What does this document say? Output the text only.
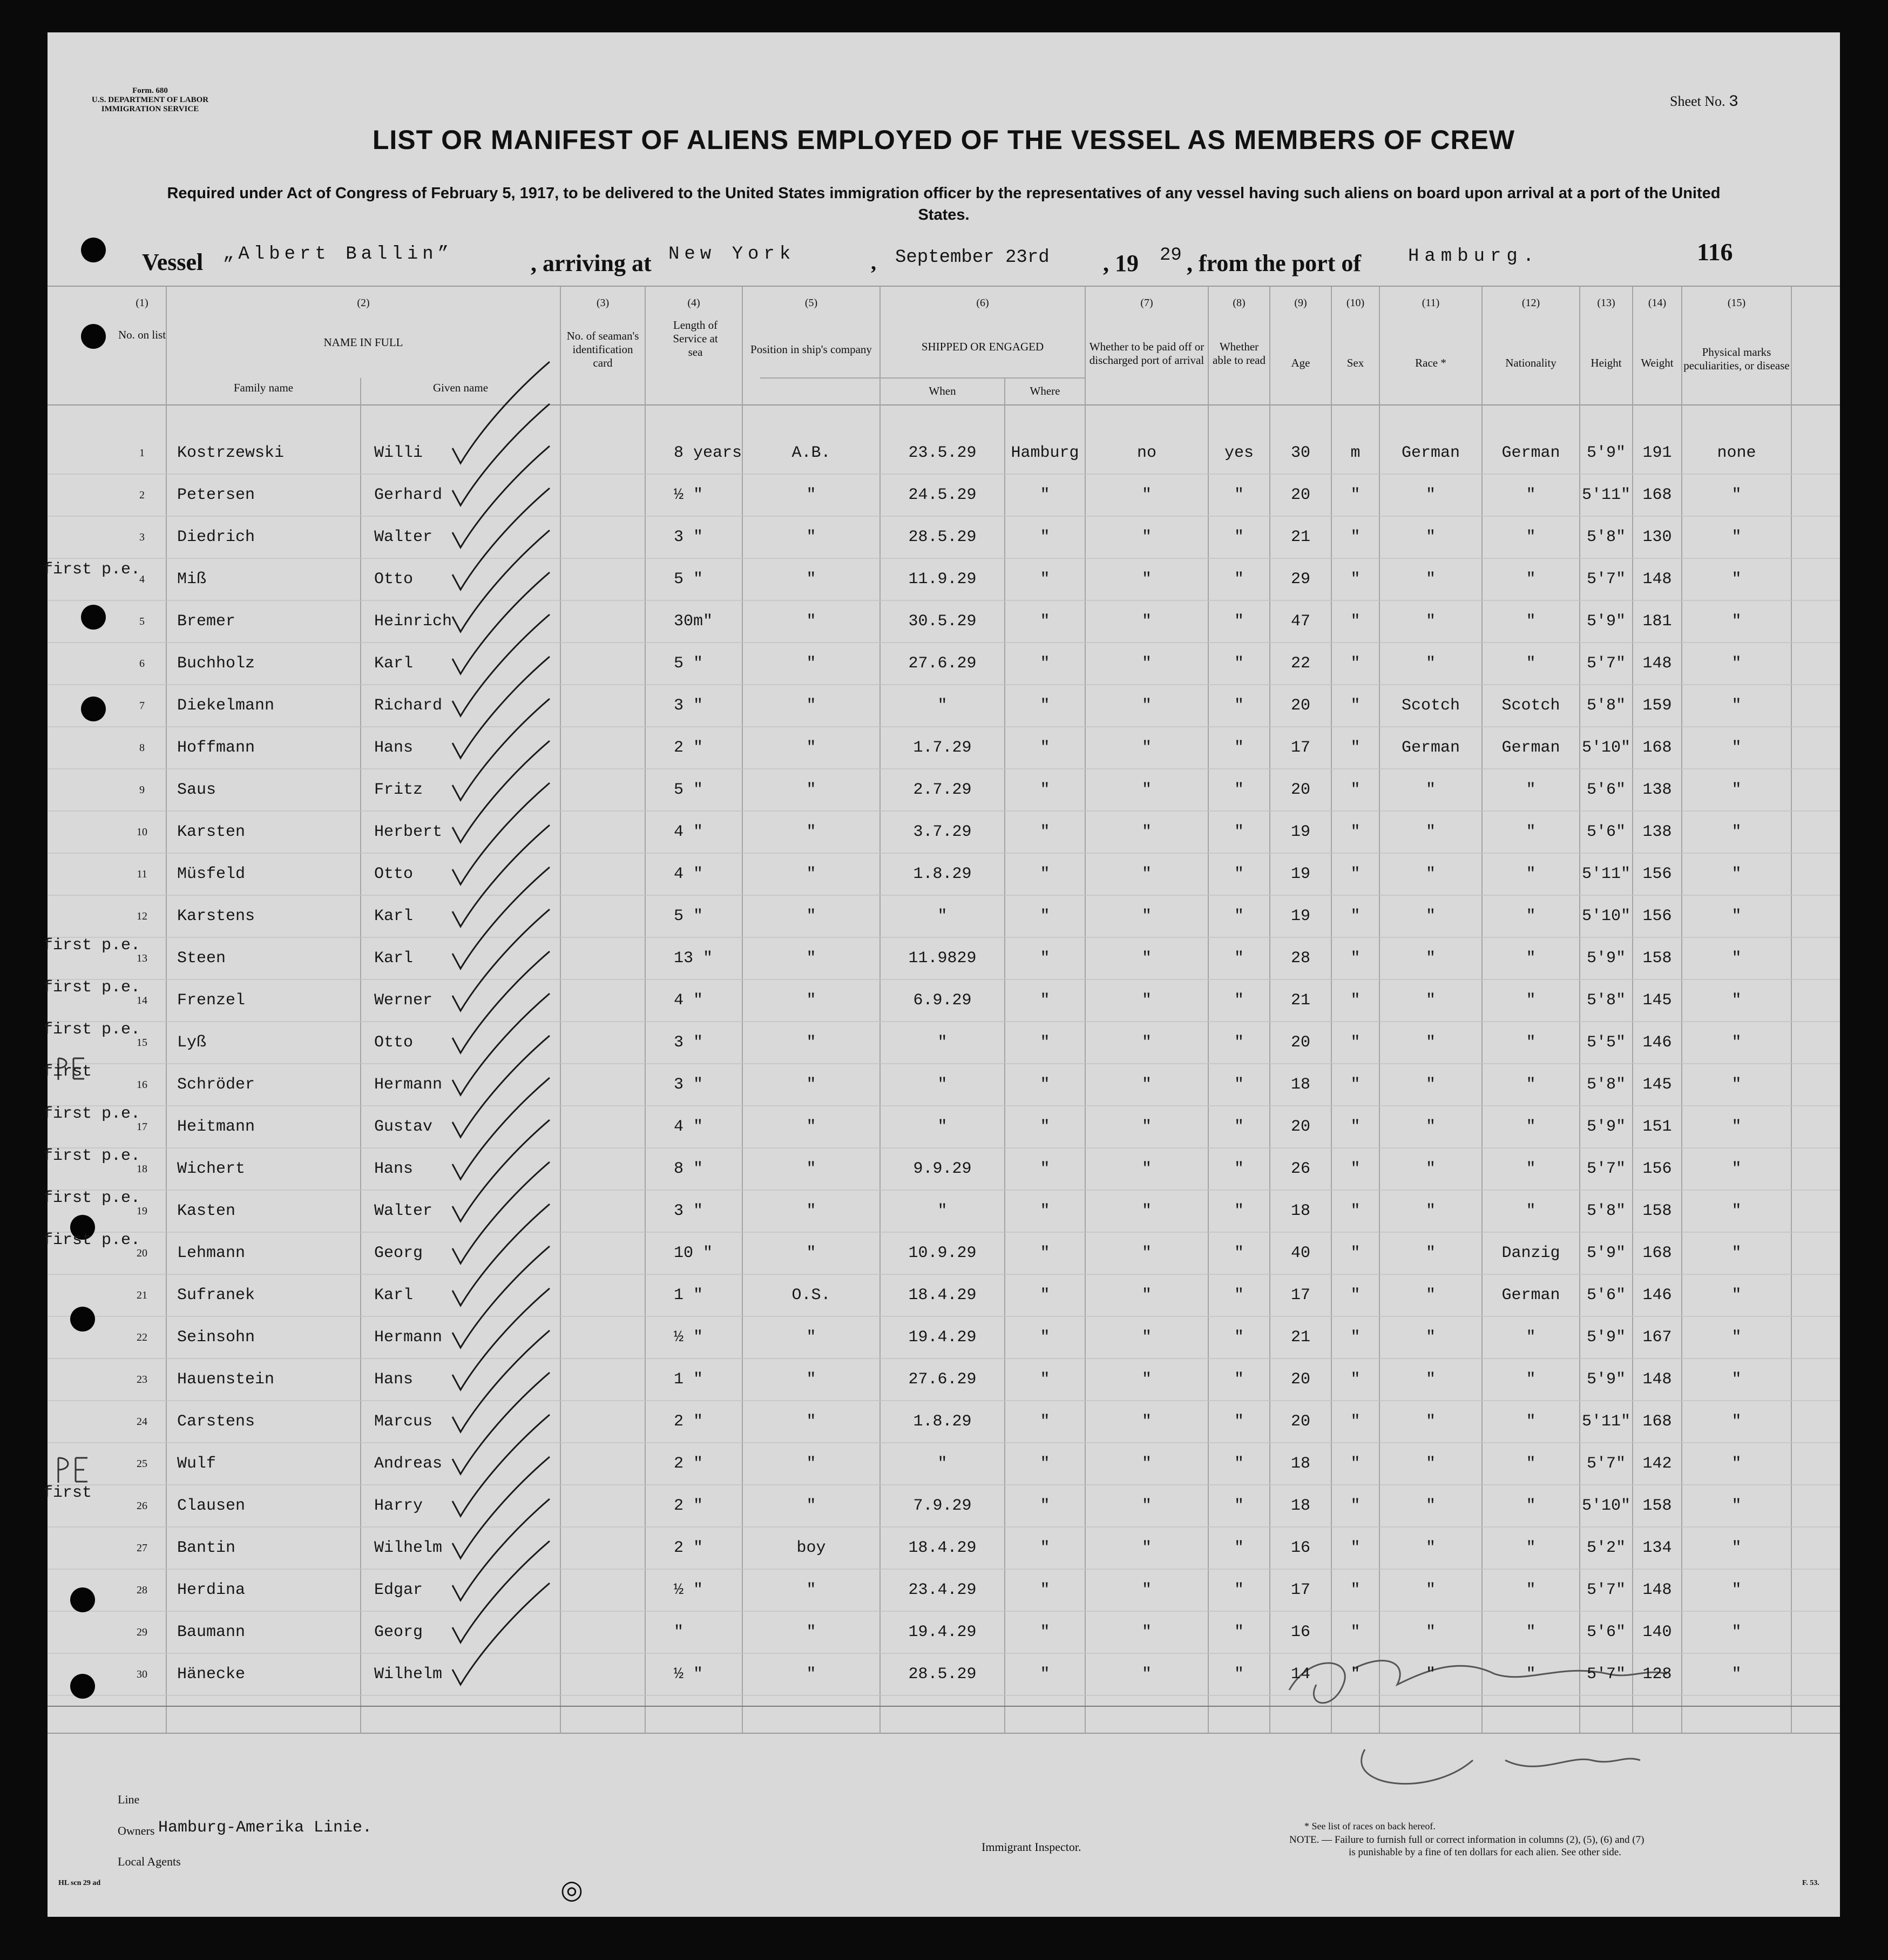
Form. 680
U.S. DEPARTMENT OF LABOR
IMMIGRATION SERVICE	Sheet No. 3
LIST OR MANIFEST OF ALIENS EMPLOYED OF THE VESSEL AS MEMBERS OF CREW
Required under Act of Congress of February 5, 1917, to be delivered to the United States immigration officer by the representatives of any vessel having such aliens on board upon arrival at a port of the United States.
Vessel „Albert Ballin”	, arriving at New York	, September 23rd , 19 29 , from the port of	Hamburg.	116
(1)
No. on list
(2)
NAME IN FULL
Family name	Given name
(3)
No. of seaman's identification card
(4)
Length of Service at sea
(5)
Position in ship's company
(6)
SHIPPED OR ENGAGED
When	Where
(7)
Whether to be paid off or discharged port of arrival
(8)
Whether able to read
(9)
Age
(10)
Sex
(11)
Race *
(12)
Nationality
(13)
Height
(14)
Weight
(15)
Physical marks peculiarities, or disease
1	Kostrzewski	Willi	8 years	A.B.	23.5.29	Hamburg	no	yes	30	m	German	German	5'9"	191	none
2	Petersen	Gerhard	½ "	"	24.5.29	"	"	"	20	"	"	"	5'11" 168	"
3	Diedrich	Walter	3 "	"	28.5.29	"	"	"	21	"	"	"	5'8"	130	"
4	Miß	Otto	5 "	"	11.9.29	"	"	"	29	"	"	"	5'7"	148	"
5	Bremer	Heinrich	30m"	"	30.5.29	"	"	"	47	"	"	"	5'9"	181	"
6	Buchholz	Karl	5 "	"	27.6.29	"	"	"	22	"	"	"	5'7"	148	"
7	Diekelmann	Richard	3 "	"	"	"	"	"	20	"	Scotch	Scotch	5'8"	159	"
8	Hoffmann	Hans	2 "	"	1.7.29	"	"	"	17	"	German	German	5'10" 168	"
9	Saus	Fritz	5 "	"	2.7.29	"	"	"	20	"	"	"	5'6"	138	"
10	Karsten	Herbert	4 "	"	3.7.29	"	"	"	19	"	"	"	5'6"	138	"
11	Müsfeld	Otto	4 "	"	1.8.29	"	"	"	19	"	"	"	5'11" 156	"
12	Karstens	Karl	5 "	"	"	"	"	"	19	"	"	"	5'10" 156	"
13	Steen	Karl	13 "	"	11.9829	"	"	"	28	"	"	"	5'9"	158	"
14	Frenzel	Werner	4 "	"	6.9.29	"	"	"	21	"	"	"	5'8"	145	"
15	Lyß	Otto	3 "	"	"	"	"	"	20	"	"	"	5'5"	146	"
16	Schröder	Hermann	3 "	"	"	"	"	"	18	"	"	"	5'8"	145	"
17	Heitmann	Gustav	4 "	"	"	"	"	"	20	"	"	"	5'9"	151	"
18	Wichert	Hans	8 "	"	9.9.29	"	"	"	26	"	"	"	5'7"	156	"
19	Kasten	Walter	3 "	"	"	"	"	"	18	"	"	"	5'8"	158	"
20	Lehmann	Georg	10 "	"	10.9.29	"	"	"	40	"	"	Danzig	5'9"	168	"
21	Sufranek	Karl	1 "	O.S.	18.4.29	"	"	"	17	"	"	German	5'6"	146	"
22	Seinsohn	Hermann	½ "	"	19.4.29	"	"	"	21	"	"	"	5'9"	167	"
23	Hauenstein	Hans	1 "	"	27.6.29	"	"	"	20	"	"	"	5'9"	148	"
24	Carstens	Marcus	2 "	"	1.8.29	"	"	"	20	"	"	"	5'11" 168	"
25	Wulf	Andreas	2 "	"	"	"	"	"	18	"	"	"	5'7"	142	"
26	Clausen	Harry	2 "	"	7.9.29	"	"	"	18	"	"	"	5'10" 158	"
27	Bantin	Wilhelm	2 "	boy	18.4.29	"	"	"	16	"	"	"	5'2"	134	"
28	Herdina	Edgar	½ "	"	23.4.29	"	"	"	17	"	"	"	5'7"	148	"
29	Baumann	Georg	"	"	19.4.29	"	"	"	16	"	"	"	5'6"	140	"
30	Hänecke	Wilhelm	½ "	"	28.5.29	"	"	"	14	"	"	"	5'7"	128	"
first p.e.
first p.e.
first p.e.
first p.e.
first
first p.e.
first p.e.
first p.e.
first p.e.
first
Line
Owners Hamburg-Amerika Linie.
Local Agents
Immigrant Inspector.
* See list of races on back hereof.
NOTE. — Failure to furnish full or correct information in columns (2), (5), (6) and (7)
is punishable by a fine of ten dollars for each alien. See other side.
HL scn 29 ad	F. 53.
◎
